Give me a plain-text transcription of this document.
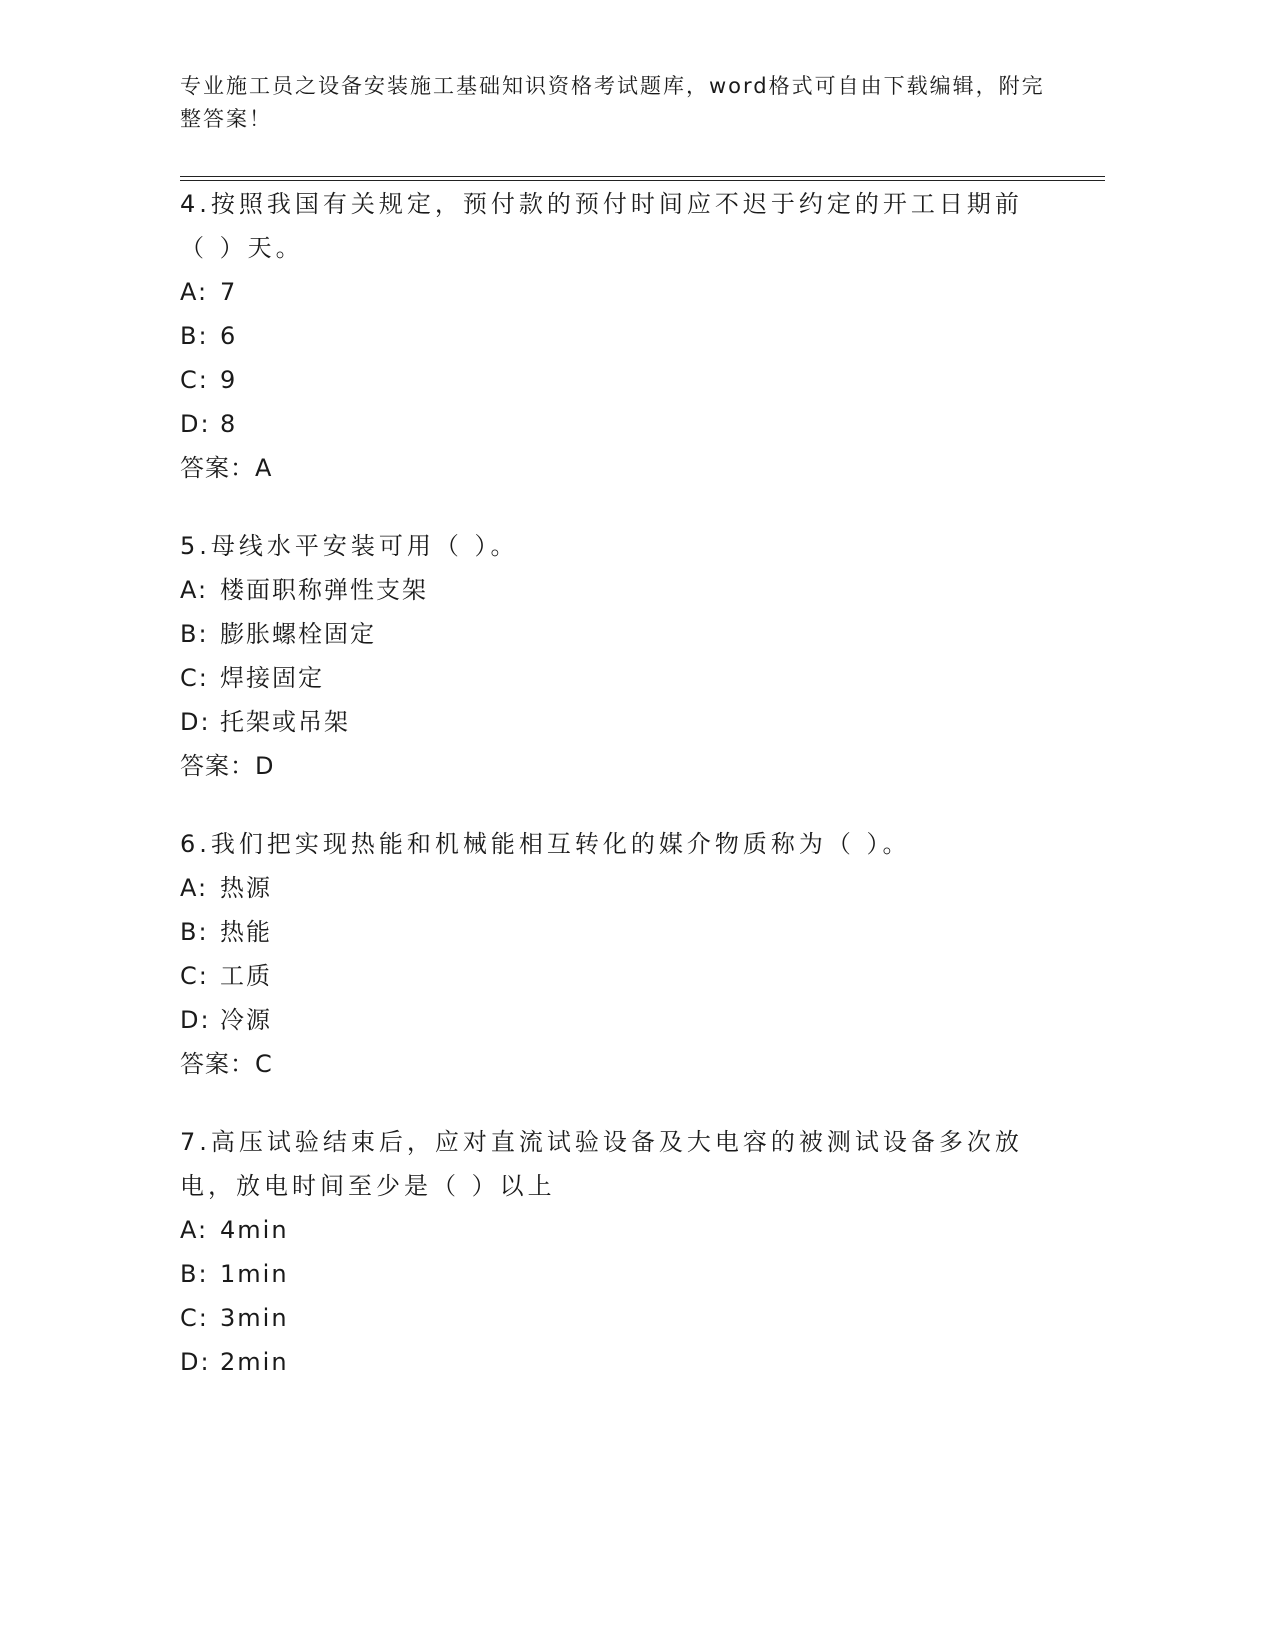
专业施工员之设备安装施工基础知识资格考试题库，word格式可自由下载编辑，附完整答案！
4.按照我国有关规定，预付款的预付时间应不迟于约定的开工日期前（ ）天。
A: 7
B: 6
C: 9
D: 8
答案：A
5.母线水平安装可用（ ）。
A: 楼面职称弹性支架
B: 膨胀螺栓固定
C: 焊接固定
D: 托架或吊架
答案：D
6.我们把实现热能和机械能相互转化的媒介物质称为（ ）。
A: 热源
B: 热能
C: 工质
D: 冷源
答案：C
7.高压试验结束后，应对直流试验设备及大电容的被测试设备多次放电，放电时间至少是（ ）以上
A: 4min
B: 1min
C: 3min
D: 2min
